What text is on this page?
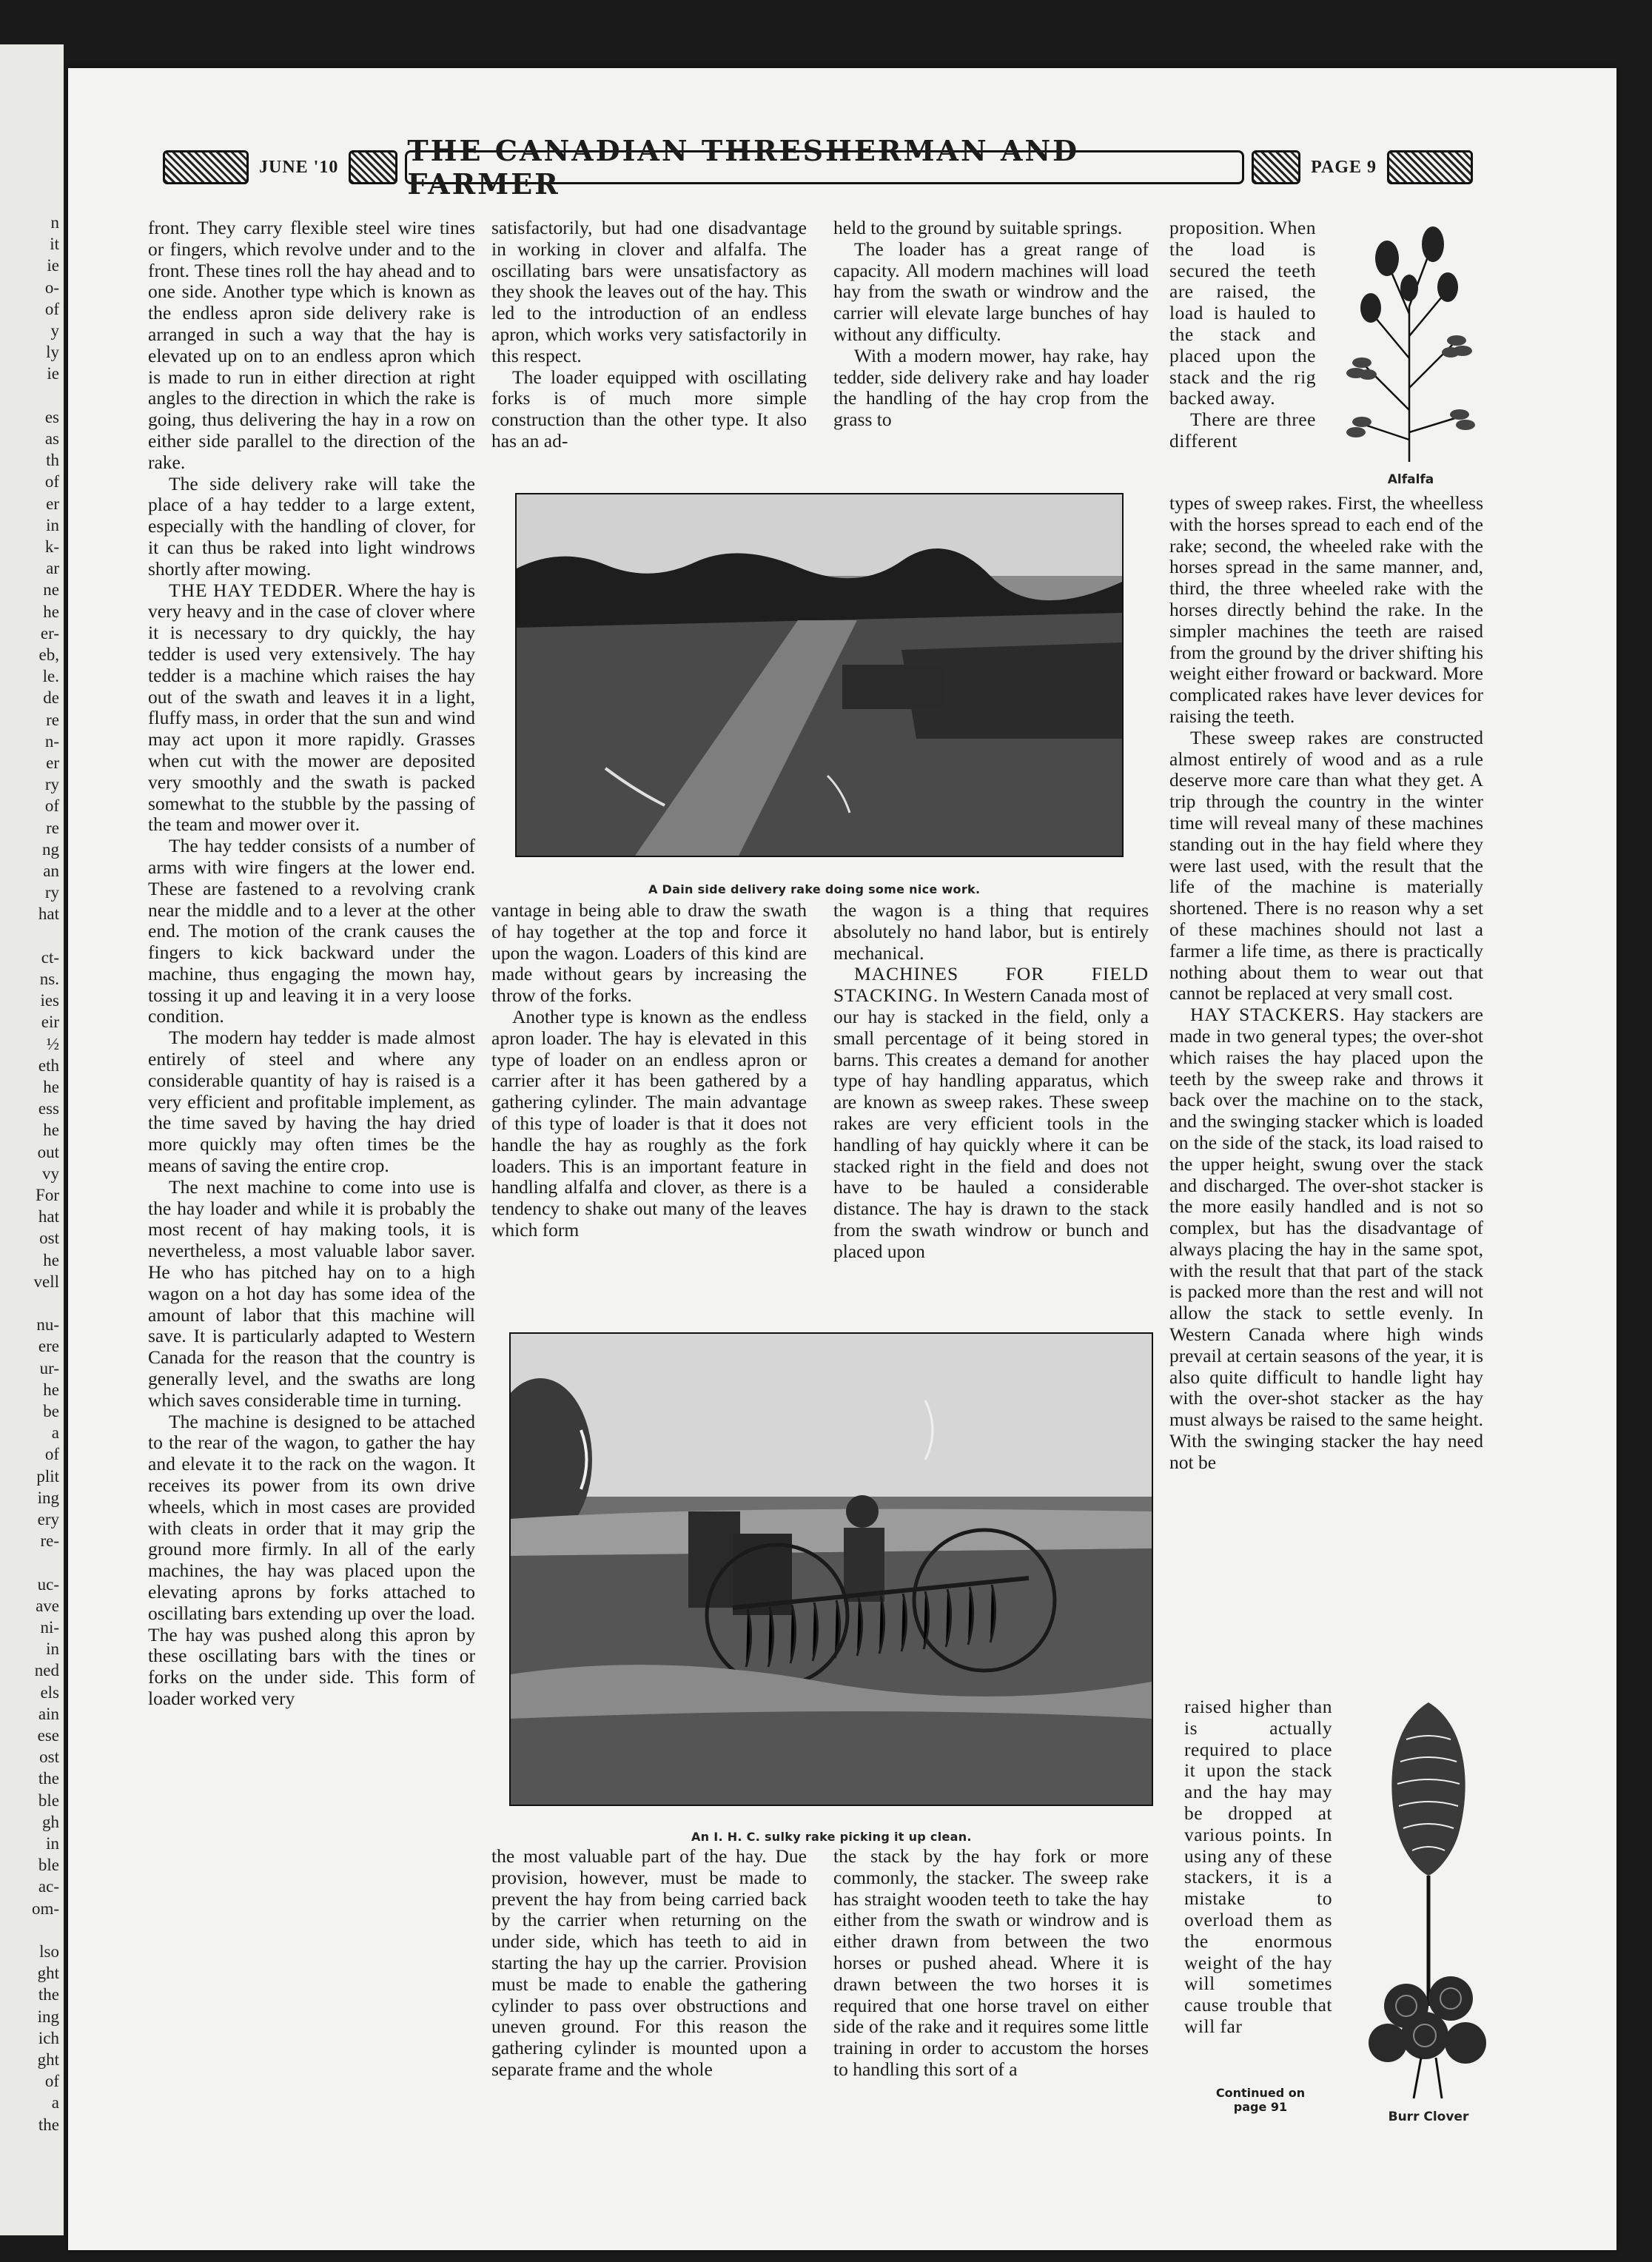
n
it
ie
o-
of
y
ly
ie
es
as
th
of
er
in
k-
ar
ne
he
er-
eb,
le.
de
re
n-
er
ry
of
re
ng
an
ry
hat
ct-
ns.
ies
eir
½
eth
he
ess
he
out
vy
For
hat
ost
he
vell
nu-
ere
ur-
he
be
a
of
plit
ing
ery
re-
uc-
ave
ni-
in
ned
els
ain
ese
ost
the
ble
gh
in
ble
ac-
om-
lso
ght
the
ing
ich
ght
of
a
the
JUNE '10	THE CANADIAN THRESHERMAN AND FARMER
PAGE 9

front. They carry flexible steel wire tines or fingers, which revolve under and to the front. These tines roll the hay ahead and to one side. Another type which is known as the endless apron side delivery rake is arranged in such a way that the hay is elevated up on to an endless apron which is made to run in either direction at right angles to the direction in which the rake is going, thus delivering the hay in a row on either side parallel to the direction of the rake.

The side delivery rake will take the place of a hay tedder to a large extent, especially with the handling of clover, for it can thus be raked into light windrows shortly after mowing.

THE HAY TEDDER. Where the hay is very heavy and in the case of clover where it is necessary to dry quickly, the hay tedder is used very extensively. The hay tedder is a machine which raises the hay out of the swath and leaves it in a light, fluffy mass, in order that the sun and wind may act upon it more rapidly. Grasses when cut with the mower are deposited very smoothly and the swath is packed somewhat to the stubble by the passing of the team and mower over it.

The hay tedder consists of a number of arms with wire fingers at the lower end. These are fastened to a revolving crank near the middle and to a lever at the other end. The motion of the crank causes the fingers to kick backward under the machine, thus engaging the mown hay, tossing it up and leaving it in a very loose condition.

The modern hay tedder is made almost entirely of steel and where any considerable quantity of hay is raised is a very efficient and profitable implement, as the time saved by having the hay dried more quickly may often times be the means of saving the entire crop.

The next machine to come into use is the hay loader and while it is probably the most recent of hay making tools, it is nevertheless, a most valuable labor saver. He who has pitched hay on to a high wagon on a hot day has some idea of the amount of labor that this machine will save. It is particularly adapted to Western Canada for the reason that the country is generally level, and the swaths are long which saves considerable time in turning.

The machine is designed to be attached to the rear of the wagon, to gather the hay and elevate it to the rack on the wagon. It receives its power from its own drive wheels, which in most cases are provided with cleats in order that it may grip the ground more firmly. In all of the early machines, the hay was placed upon the elevating aprons by forks attached to oscillating bars extending up over the load. The hay was pushed along this apron by these oscillating bars with the tines or forks on the under side. This form of loader worked very

satisfactorily, but had one disadvantage in working in clover and alfalfa. The oscillating bars were unsatisfactory as they shook the leaves out of the hay. This led to the introduction of an endless apron, which works very satisfactorily in this respect.

The loader equipped with oscillating forks is of much more simple construction than the other type. It also has an ad-

held to the ground by suitable springs.

The loader has a great range of capacity. All modern machines will load hay from the swath or windrow and the carrier will elevate large bunches of hay without any difficulty.

With a modern mower, hay rake, hay tedder, side delivery rake and hay loader the handling of the hay crop from the grass to

A Dain side delivery rake doing some nice work.

vantage in being able to draw the swath of hay together at the top and force it upon the wagon. Loaders of this kind are made without gears by increasing the throw of the forks.

Another type is known as the endless apron loader. The hay is elevated in this type of loader on an endless apron or carrier after it has been gathered by a gathering cylinder. The main advantage of this type of loader is that it does not handle the hay as roughly as the fork loaders. This is an important feature in handling alfalfa and clover, as there is a tendency to shake out many of the leaves which form

the wagon is a thing that requires absolutely no hand labor, but is entirely mechanical.

MACHINES FOR FIELD STACKING. In Western Canada most of our hay is stacked in the field, only a small percentage of it being stored in barns. This creates a demand for another type of hay handling apparatus, which are known as sweep rakes. These sweep rakes are very efficient tools in the handling of hay quickly where it can be stacked right in the field and does not have to be hauled a considerable distance. The hay is drawn to the stack from the swath windrow or bunch and placed upon

An I. H. C. sulky rake picking it up clean.

the most valuable part of the hay. Due provision, however, must be made to prevent the hay from being carried back by the carrier when returning on the under side, which has teeth to aid in starting the hay up the carrier. Provision must be made to enable the gathering cylinder to pass over obstructions and uneven ground. For this reason the gathering cylinder is mounted upon a separate frame and the whole

the stack by the hay fork or more commonly, the stacker. The sweep rake has straight wooden teeth to take the hay either from the swath or windrow and is either drawn from between the two horses or pushed ahead. Where it is drawn between the two horses it is required that one horse travel on either side of the rake and it requires some little training in order to accustom the horses to handling this sort of a

proposition. When the load is secured the teeth are raised, the load is hauled to the stack and placed upon the stack and the rig backed away.

There are three different

Alfalfa

types of sweep rakes. First, the wheelless with the horses spread to each end of the rake; second, the wheeled rake with the horses spread in the same manner, and, third, the three wheeled rake with the horses directly behind the rake. In the simpler machines the teeth are raised from the ground by the driver shifting his weight either froward or backward. More complicated rakes have lever devices for raising the teeth.

These sweep rakes are constructed almost entirely of wood and as a rule deserve more care than what they get. A trip through the country in the winter time will reveal many of these machines standing out in the hay field where they were last used, with the result that the life of the machine is materially shortened. There is no reason why a set of these machines should not last a farmer a life time, as there is practically nothing about them to wear out that cannot be replaced at very small cost.

HAY STACKERS. Hay stackers are made in two general types; the over-shot which raises the hay placed upon the teeth by the sweep rake and throws it back over the machine on to the stack, and the swinging stacker which is loaded on the side of the stack, its load raised to the upper height, swung over the stack and discharged. The over-shot stacker is the more easily handled and is not so complex, but has the disadvantage of always placing the hay in the same spot, with the result that that part of the stack is packed more than the rest and will not allow the stack to settle evenly. In Western Canada where high winds prevail at certain seasons of the year, it is also quite difficult to handle light hay with the over-shot stacker as the hay must always be raised to the same height. With the swinging stacker the hay need not be

raised higher than is actually required to place it upon the stack and the hay may be dropped at various points. In using any of these stackers, it is a mistake to overload them as the enormous weight of the hay will sometimes cause trouble that will far

Continued on
page 91
Burr Clover
